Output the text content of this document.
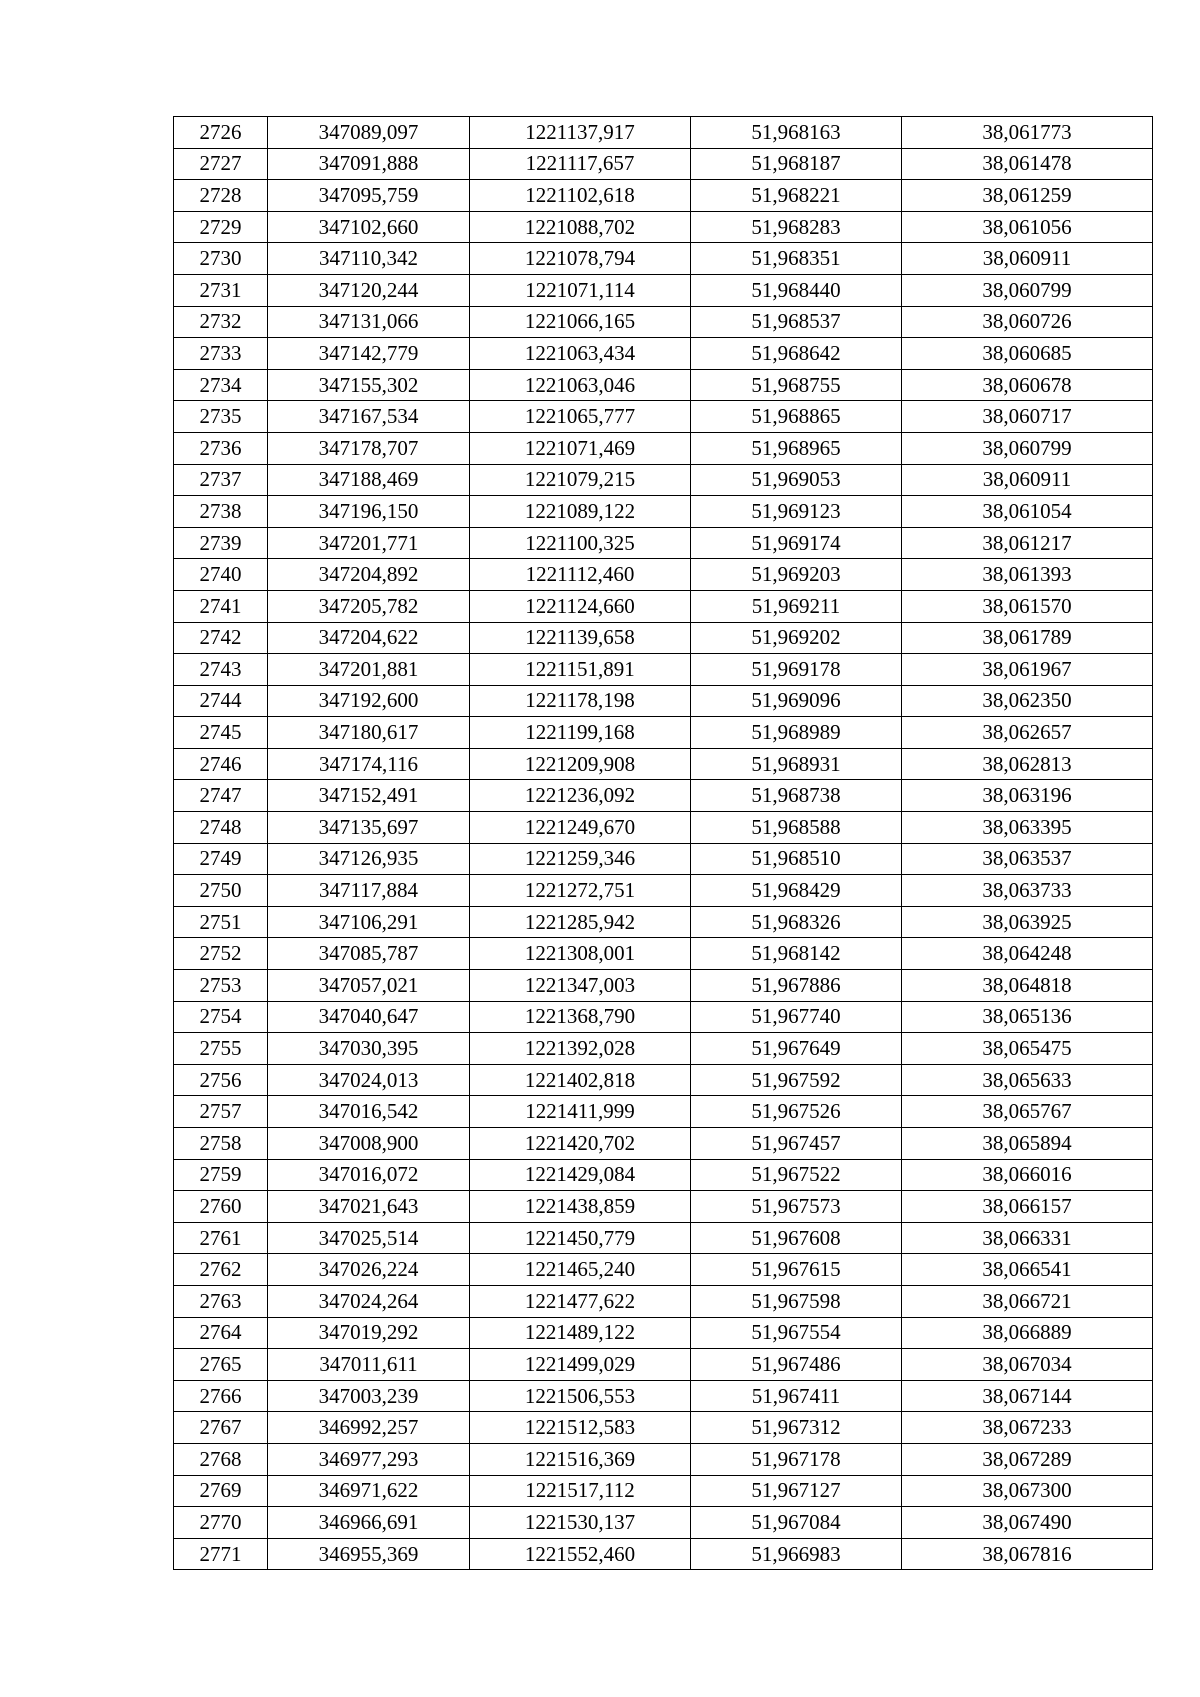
2726	347089,097	1221137,917	51,968163	38,061773
2727	347091,888	1221117,657	51,968187	38,061478
2728	347095,759	1221102,618	51,968221	38,061259
2729	347102,660	1221088,702	51,968283	38,061056
2730	347110,342	1221078,794	51,968351	38,060911
2731	347120,244	1221071,114	51,968440	38,060799
2732	347131,066	1221066,165	51,968537	38,060726
2733	347142,779	1221063,434	51,968642	38,060685
2734	347155,302	1221063,046	51,968755	38,060678
2735	347167,534	1221065,777	51,968865	38,060717
2736	347178,707	1221071,469	51,968965	38,060799
2737	347188,469	1221079,215	51,969053	38,060911
2738	347196,150	1221089,122	51,969123	38,061054
2739	347201,771	1221100,325	51,969174	38,061217
2740	347204,892	1221112,460	51,969203	38,061393
2741	347205,782	1221124,660	51,969211	38,061570
2742	347204,622	1221139,658	51,969202	38,061789
2743	347201,881	1221151,891	51,969178	38,061967
2744	347192,600	1221178,198	51,969096	38,062350
2745	347180,617	1221199,168	51,968989	38,062657
2746	347174,116	1221209,908	51,968931	38,062813
2747	347152,491	1221236,092	51,968738	38,063196
2748	347135,697	1221249,670	51,968588	38,063395
2749	347126,935	1221259,346	51,968510	38,063537
2750	347117,884	1221272,751	51,968429	38,063733
2751	347106,291	1221285,942	51,968326	38,063925
2752	347085,787	1221308,001	51,968142	38,064248
2753	347057,021	1221347,003	51,967886	38,064818
2754	347040,647	1221368,790	51,967740	38,065136
2755	347030,395	1221392,028	51,967649	38,065475
2756	347024,013	1221402,818	51,967592	38,065633
2757	347016,542	1221411,999	51,967526	38,065767
2758	347008,900	1221420,702	51,967457	38,065894
2759	347016,072	1221429,084	51,967522	38,066016
2760	347021,643	1221438,859	51,967573	38,066157
2761	347025,514	1221450,779	51,967608	38,066331
2762	347026,224	1221465,240	51,967615	38,066541
2763	347024,264	1221477,622	51,967598	38,066721
2764	347019,292	1221489,122	51,967554	38,066889
2765	347011,611	1221499,029	51,967486	38,067034
2766	347003,239	1221506,553	51,967411	38,067144
2767	346992,257	1221512,583	51,967312	38,067233
2768	346977,293	1221516,369	51,967178	38,067289
2769	346971,622	1221517,112	51,967127	38,067300
2770	346966,691	1221530,137	51,967084	38,067490
2771	346955,369	1221552,460	51,966983	38,067816
